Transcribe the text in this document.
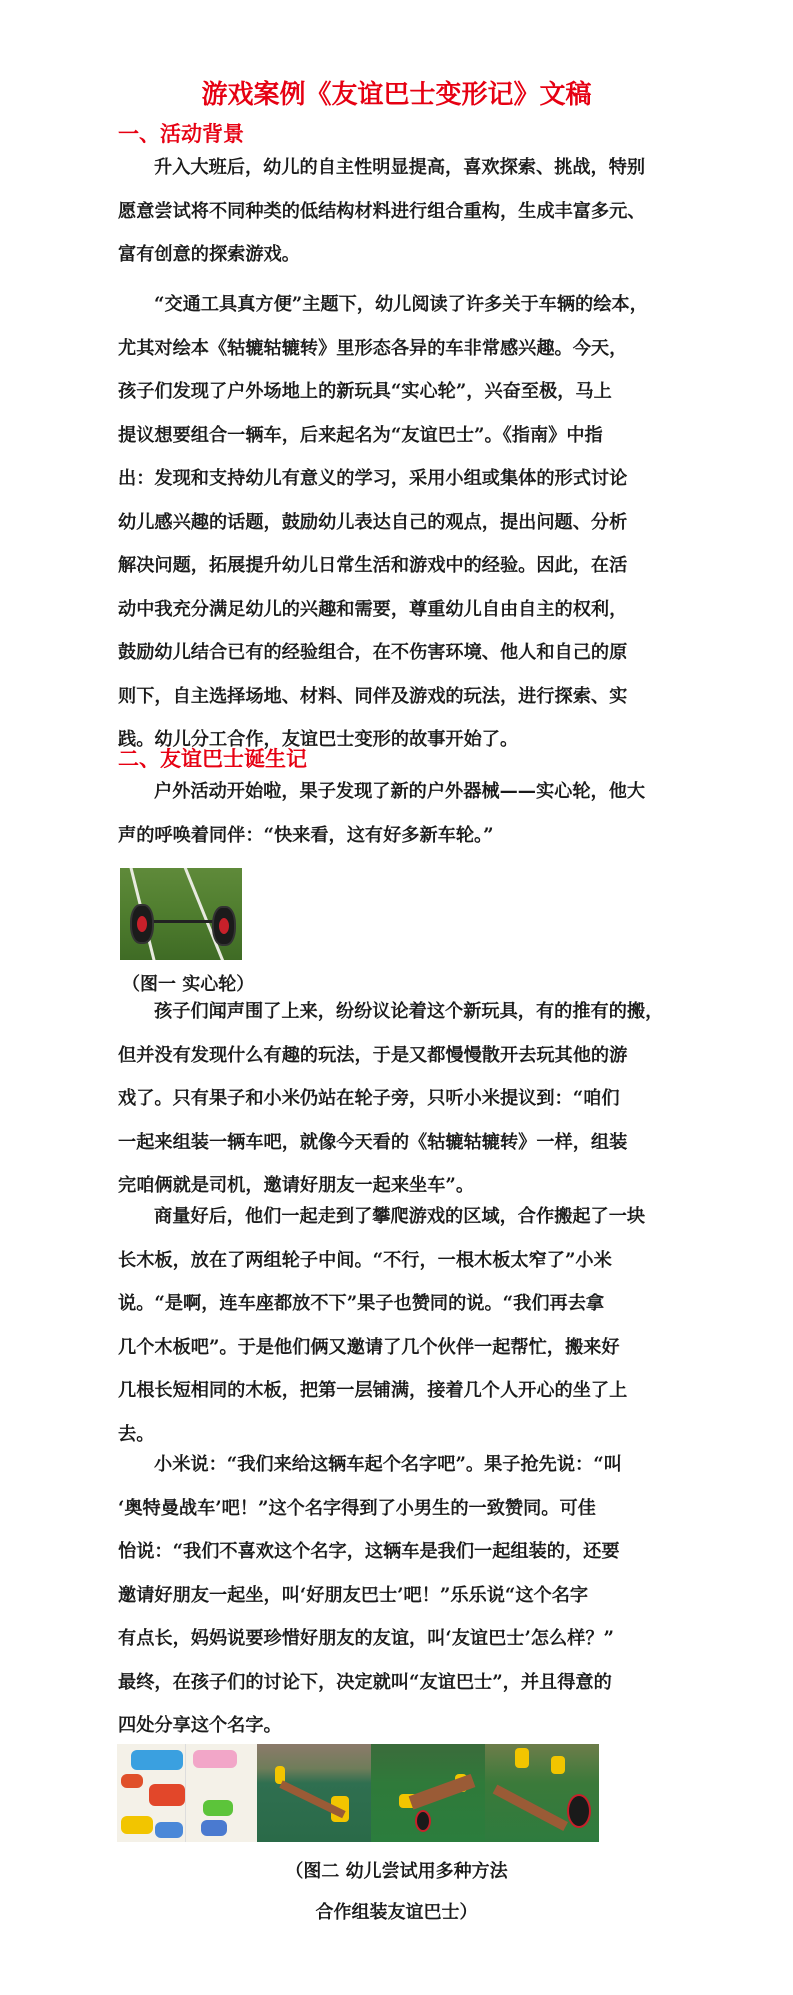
游戏案例《友谊巴士变形记》文稿
一、活动背景
升入大班后，幼儿的自主性明显提高，喜欢探索、挑战，特别
愿意尝试将不同种类的低结构材料进行组合重构，生成丰富多元、
富有创意的探索游戏。
“交通工具真方便”主题下，幼儿阅读了许多关于车辆的绘本，
尤其对绘本《轱辘轱辘转》里形态各异的车非常感兴趣。今天，
孩子们发现了户外场地上的新玩具“实心轮”，兴奋至极，马上
提议想要组合一辆车，后来起名为“友谊巴士”。《指南》中指
出：发现和支持幼儿有意义的学习，采用小组或集体的形式讨论
幼儿感兴趣的话题，鼓励幼儿表达自己的观点，提出问题、分析
解决问题，拓展提升幼儿日常生活和游戏中的经验。因此，在活
动中我充分满足幼儿的兴趣和需要，尊重幼儿自由自主的权利，
鼓励幼儿结合已有的经验组合，在不伤害环境、他人和自己的原
则下，自主选择场地、材料、同伴及游戏的玩法，进行探索、实
践。幼儿分工合作，友谊巴士变形的故事开始了。
二、友谊巴士诞生记
户外活动开始啦，果子发现了新的户外器械——实心轮，他大
声的呼唤着同伴：“快来看，这有好多新车轮。”
（图一 实心轮）
孩子们闻声围了上来，纷纷议论着这个新玩具，有的推有的搬，
但并没有发现什么有趣的玩法，于是又都慢慢散开去玩其他的游
戏了。只有果子和小米仍站在轮子旁，只听小米提议到：“咱们
一起来组装一辆车吧，就像今天看的《轱辘轱辘转》一样，组装
完咱俩就是司机，邀请好朋友一起来坐车”。
商量好后，他们一起走到了攀爬游戏的区域，合作搬起了一块
长木板，放在了两组轮子中间。“不行，一根木板太窄了”小米
说。“是啊，连车座都放不下”果子也赞同的说。“我们再去拿
几个木板吧”。于是他们俩又邀请了几个伙伴一起帮忙，搬来好
几根长短相同的木板，把第一层铺满，接着几个人开心的坐了上
去。
小米说：“我们来给这辆车起个名字吧”。果子抢先说：“叫
‘奥特曼战车’吧！”这个名字得到了小男生的一致赞同。可佳
怡说：“我们不喜欢这个名字，这辆车是我们一起组装的，还要
邀请好朋友一起坐，叫‘好朋友巴士’吧！”乐乐说“这个名字
有点长，妈妈说要珍惜好朋友的友谊，叫‘友谊巴士’怎么样？”
最终，在孩子们的讨论下，决定就叫“友谊巴士”，并且得意的
四处分享这个名字。
（图二 幼儿尝试用多种方法
合作组装友谊巴士）
